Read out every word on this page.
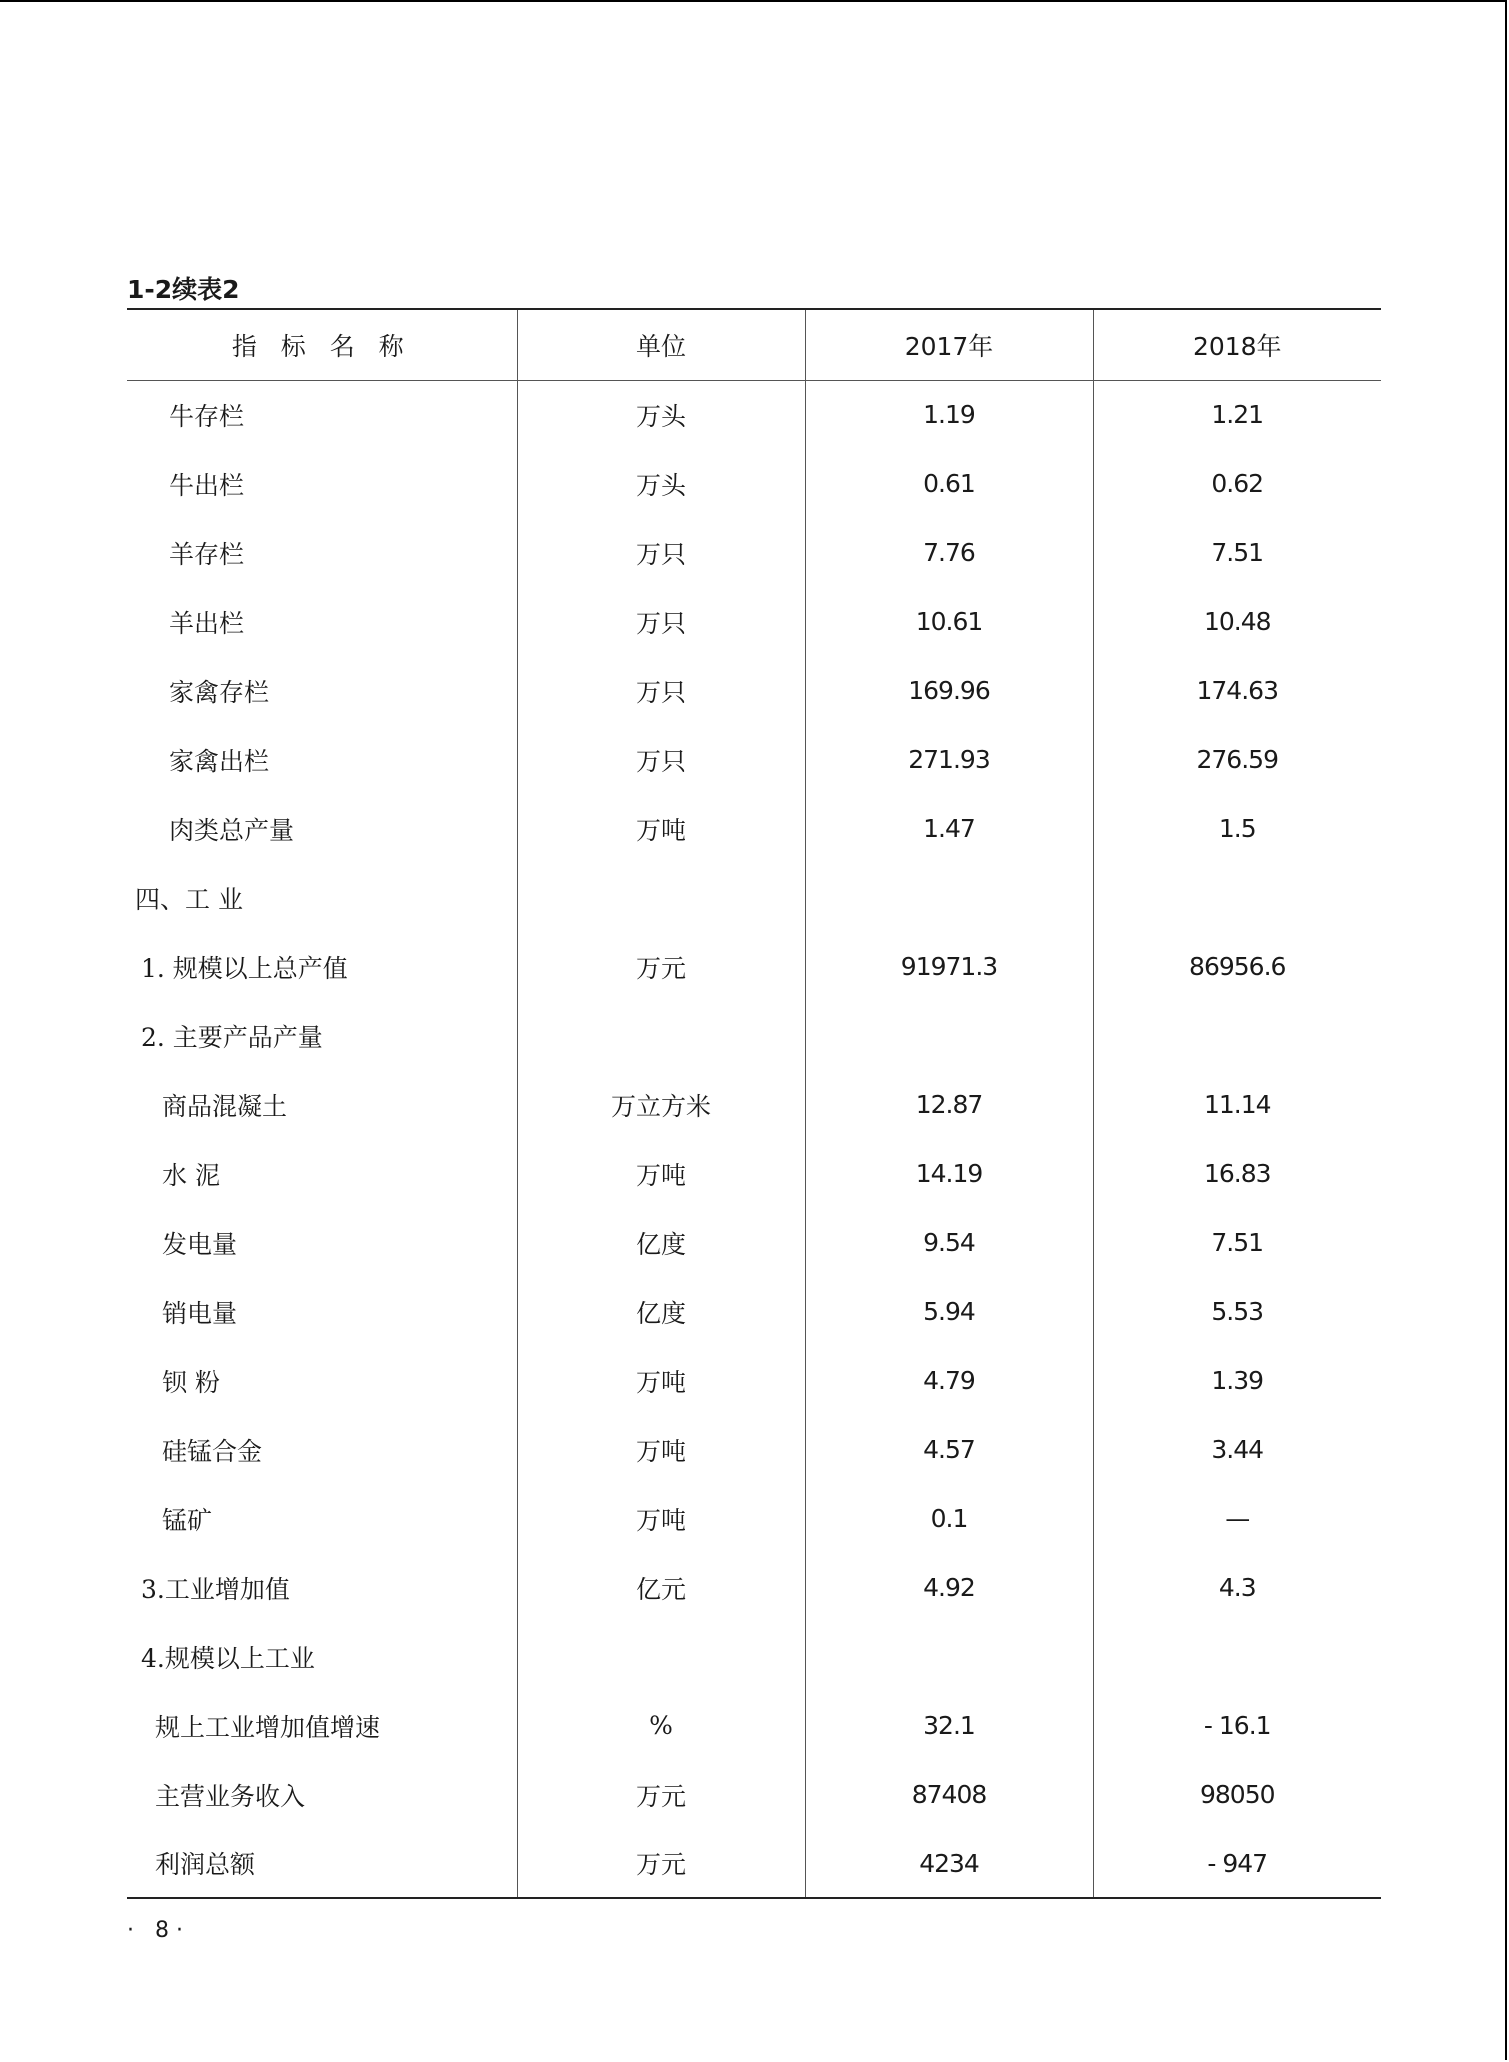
1-2续表2
指 标 名 称	单位	2017年	2018年
牛存栏	万头	1.19	1.21
牛出栏	万头	0.61	0.62
羊存栏	万只	7.76	7.51
羊出栏	万只	10.61	10.48
家禽存栏	万只	169.96	174.63
家禽出栏	万只	271.93	276.59
肉类总产量	万吨	1.47	1.5
四、工 业			
1. 规模以上总产值	万元	91971.3	86956.6
2. 主要产品产量			
商品混凝土	万立方米	12.87	11.14
水 泥	万吨	14.19	16.83
发电量	亿度	9.54	7.51
销电量	亿度	5.94	5.53
钡 粉	万吨	4.79	1.39
硅锰合金	万吨	4.57	3.44
锰矿	万吨	0.1	—
3.工业增加值	亿元	4.92	4.3
4.规模以上工业			
规上工业增加值增速	%	32.1	- 16.1
主营业务收入	万元	87408	98050
利润总额	万元	4234	- 947
·   8 ·
